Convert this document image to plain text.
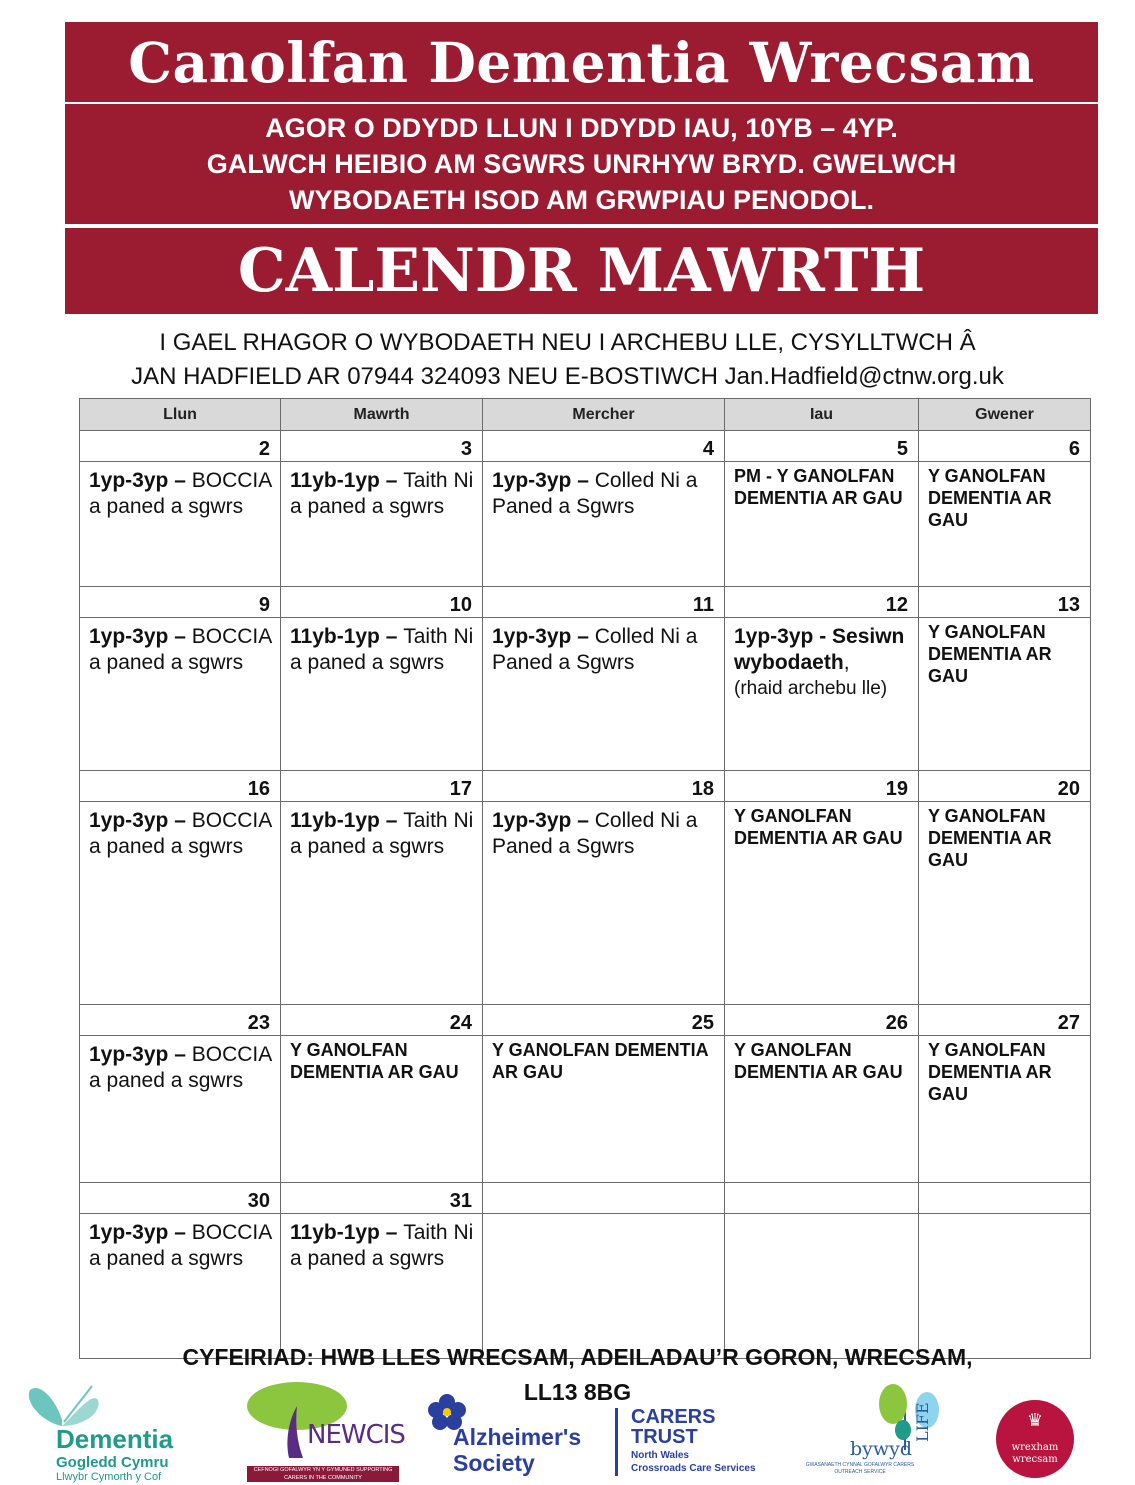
Canolfan Dementia Wrecsam
AGOR O DDYDD LLUN I DDYDD IAU, 10YB – 4YP.
GALWCH HEIBIO AM SGWRS UNRHYW BRYD. GWELWCH
WYBODAETH ISOD AM GRWPIAU PENODOL.
CALENDR MAWRTH
I GAEL RHAGOR O WYBODAETH NEU I ARCHEBU LLE, CYSYLLTWCH Â
JAN HADFIELD AR 07944 324093 NEU E-BOSTIWCH Jan.Hadfield@ctnw.org.uk
Llun	Mawrth	Mercher	Iau	Gwener
2	3	4	5	6
1yp-3yp – BOCCIA a paned a sgwrs	11yb-1yp – Taith Ni a paned a sgwrs	1yp-3yp – Colled Ni a Paned a Sgwrs	PM - Y GANOLFAN DEMENTIA AR GAU	Y GANOLFAN DEMENTIA AR GAU

9	10	11	12	13
1yp-3yp – BOCCIA a paned a sgwrs	11yb-1yp – Taith Ni a paned a sgwrs	1yp-3yp – Colled Ni a Paned a Sgwrs	1yp-3yp - Sesiwn wybodaeth,
(rhaid archebu lle)	Y GANOLFAN DEMENTIA AR GAU

16	17	18	19	20
1yp-3yp – BOCCIA a paned a sgwrs	11yb-1yp – Taith Ni a paned a sgwrs	1yp-3yp – Colled Ni a Paned a Sgwrs	Y GANOLFAN DEMENTIA AR GAU	Y GANOLFAN DEMENTIA AR GAU

23	24	25	26	27
1yp-3yp – BOCCIA a paned a sgwrs	Y GANOLFAN DEMENTIA AR GAU	Y GANOLFAN DEMENTIA AR GAU	Y GANOLFAN DEMENTIA AR GAU	Y GANOLFAN DEMENTIA AR GAU

30	31			
1yp-3yp – BOCCIA a paned a sgwrs	11yb-1yp – Taith Ni a paned a sgwrs			
CYFEIRIAD: HWB LLES WRECSAM, ADEILADAU’R GORON, WRECSAM,
LL13 8BG
Dementia
Gogledd Cymru
Llwybr Cymorth y Cof
NEWCIS
CEFNOGI GOFALWYR YN Y GYMUNED SUPPORTING CARERS IN THE COMMUNITY
Alzheimer's
Society
CARERS
TRUST
North Wales
Crossroads Care Services
bywyd
LIFE
GWASANAETH CYNNAL GOFALWYR CARERS OUTREACH SERVICE
♛
wrexham
wrecsam
